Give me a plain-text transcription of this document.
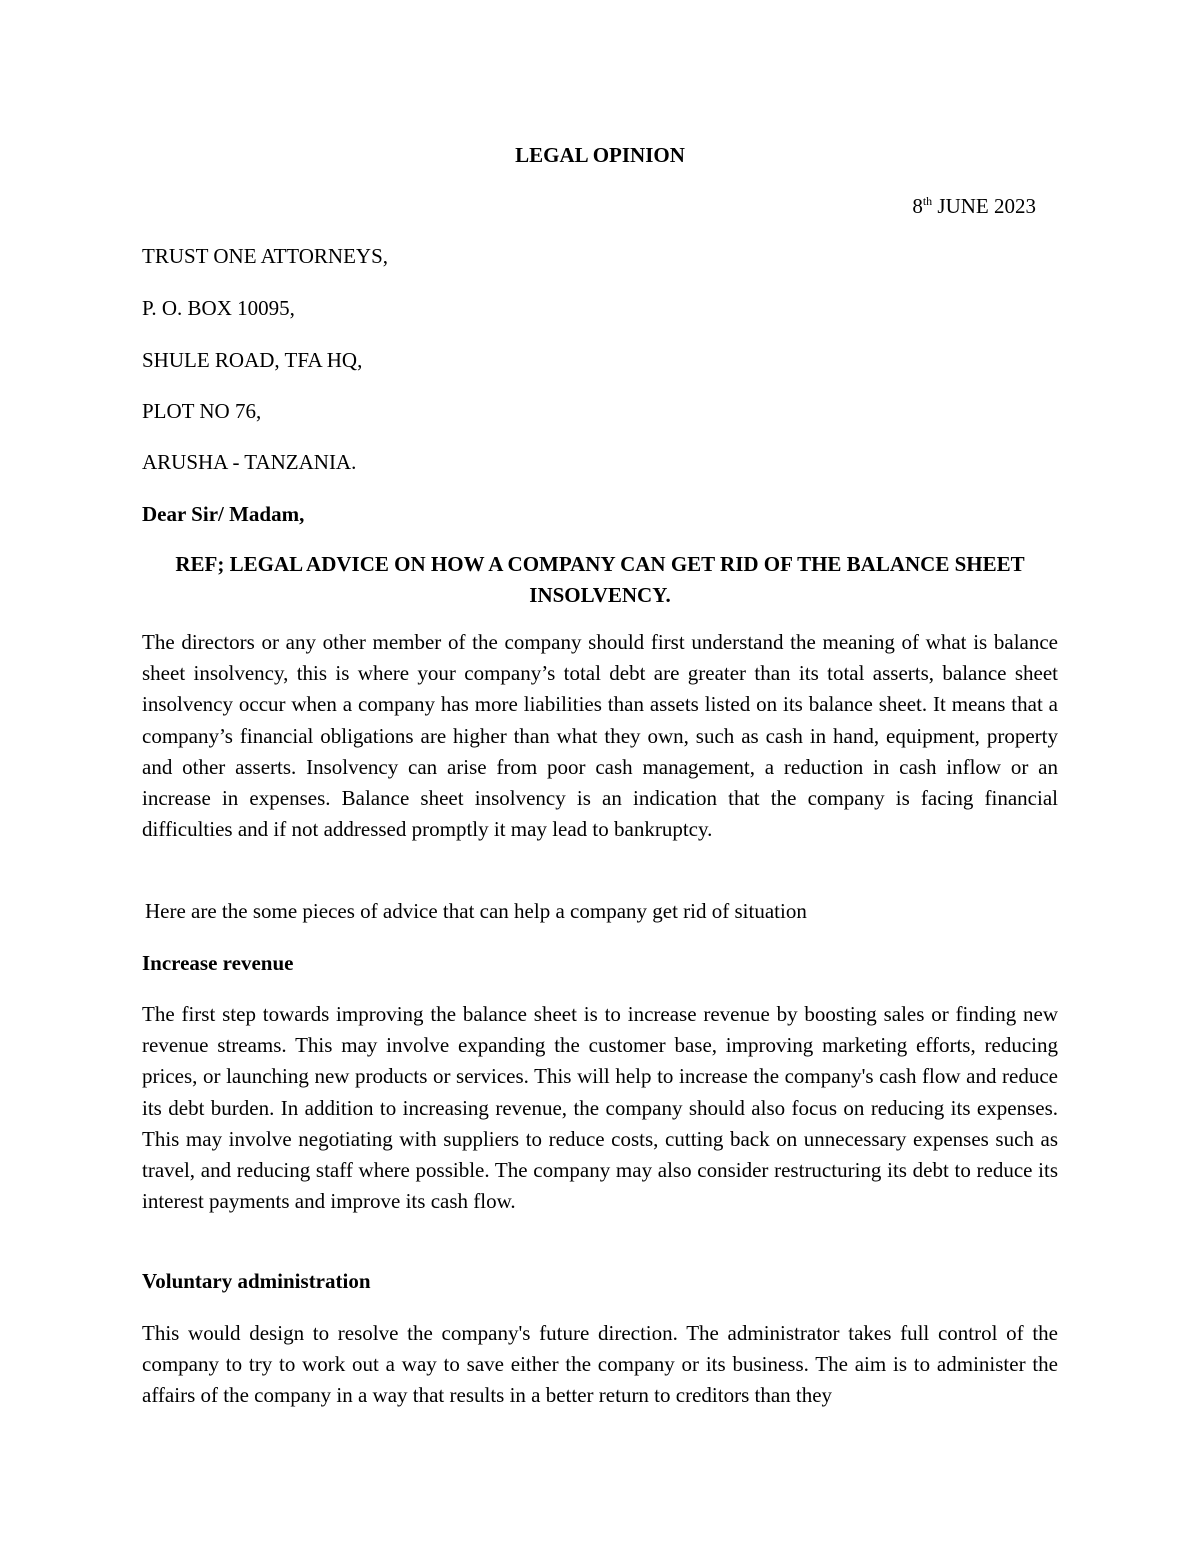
LEGAL OPINION
8th JUNE 2023
TRUST ONE ATTORNEYS,
P. O. BOX 10095,
SHULE ROAD, TFA HQ,
PLOT NO 76,
ARUSHA - TANZANIA.
Dear Sir/ Madam,
REF; LEGAL ADVICE ON HOW A COMPANY CAN GET RID OF THE BALANCE SHEET INSOLVENCY.

The directors or any other member of the company should first understand the meaning of what is balance sheet insolvency, this is where your company’s total debt are greater than its total asserts, balance sheet insolvency occur when a company has more liabilities than assets listed on its balance sheet. It means that a company’s financial obligations are higher than what they own, such as cash in hand, equipment, property and other asserts. Insolvency can arise from poor cash management, a reduction in cash inflow or an increase in expenses. Balance sheet insolvency is an indication that the company is facing financial difficulties and if not addressed promptly it may lead to bankruptcy.

Here are the some pieces of advice that can help a company get rid of situation
Increase revenue

The first step towards improving the balance sheet is to increase revenue by boosting sales or finding new revenue streams. This may involve expanding the customer base, improving marketing efforts, reducing prices, or launching new products or services. This will help to increase the company's cash flow and reduce its debt burden. In addition to increasing revenue, the company should also focus on reducing its expenses. This may involve negotiating with suppliers to reduce costs, cutting back on unnecessary expenses such as travel, and reducing staff where possible. The company may also consider restructuring its debt to reduce its interest payments and improve its cash flow.

Voluntary administration

This would design to resolve the company's future direction. The administrator takes full control of the company to try to work out a way to save either the company or its business. The aim is to administer the affairs of the company in a way that results in a better return to creditors than they
